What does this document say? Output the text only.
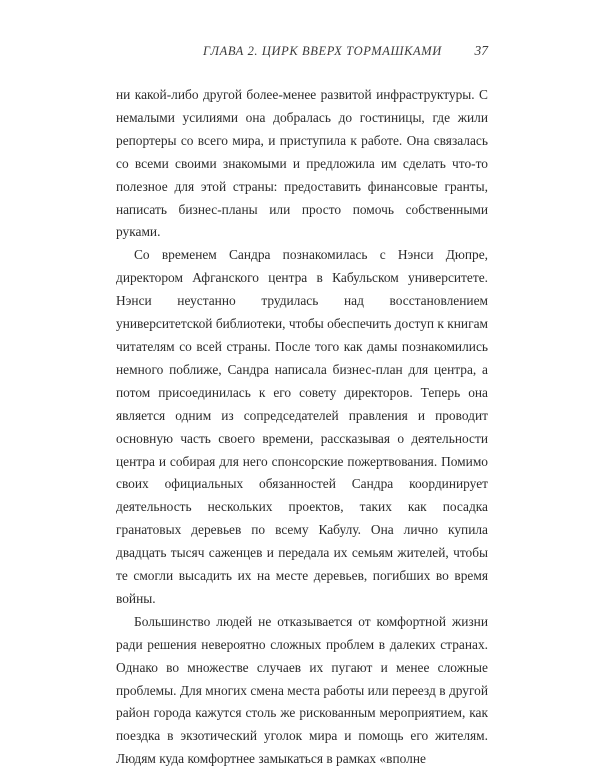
ГЛАВА 2. ЦИРК ВВЕРХ ТОРМАШКАМИ 37

ни какой-либо другой более-менее развитой инфраструктуры. С немалыми усилиями она добралась до гостиницы, где жили репортеры со всего мира, и приступила к работе. Она связалась со всеми своими знакомыми и предложила им сделать что-то полезное для этой страны: предоставить финансовые гранты, написать бизнес-планы или просто помочь собственными руками.

Со временем Сандра познакомилась с Нэнси Дюпре, директором Афганского центра в Кабульском университете. Нэнси неустанно трудилась над восстановлением университетской библиотеки, чтобы обеспечить доступ к книгам читателям со всей страны. После того как дамы познакомились немного поближе, Сандра написала бизнес-план для центра, а потом присоединилась к его совету директоров. Теперь она является одним из сопредседателей правления и проводит основную часть своего времени, рассказывая о деятельности центра и собирая для него спонсорские пожертвования. Помимо своих официальных обязанностей Сандра координирует деятельность нескольких проектов, таких как посадка гранатовых деревьев по всему Кабулу. Она лично купила двадцать тысяч саженцев и передала их семьям жителей, чтобы те смогли высадить их на месте деревьев, погибших во время войны.

Большинство людей не отказывается от комфортной жизни ради решения невероятно сложных проблем в далеких странах. Однако во множестве случаев их пугают и менее сложные проблемы. Для многих смена места работы или переезд в другой район города кажутся столь же рискованным мероприятием, как поездка в экзотический уголок мира и помощь его жителям. Людям куда комфортнее замыкаться в рамках «вполне
